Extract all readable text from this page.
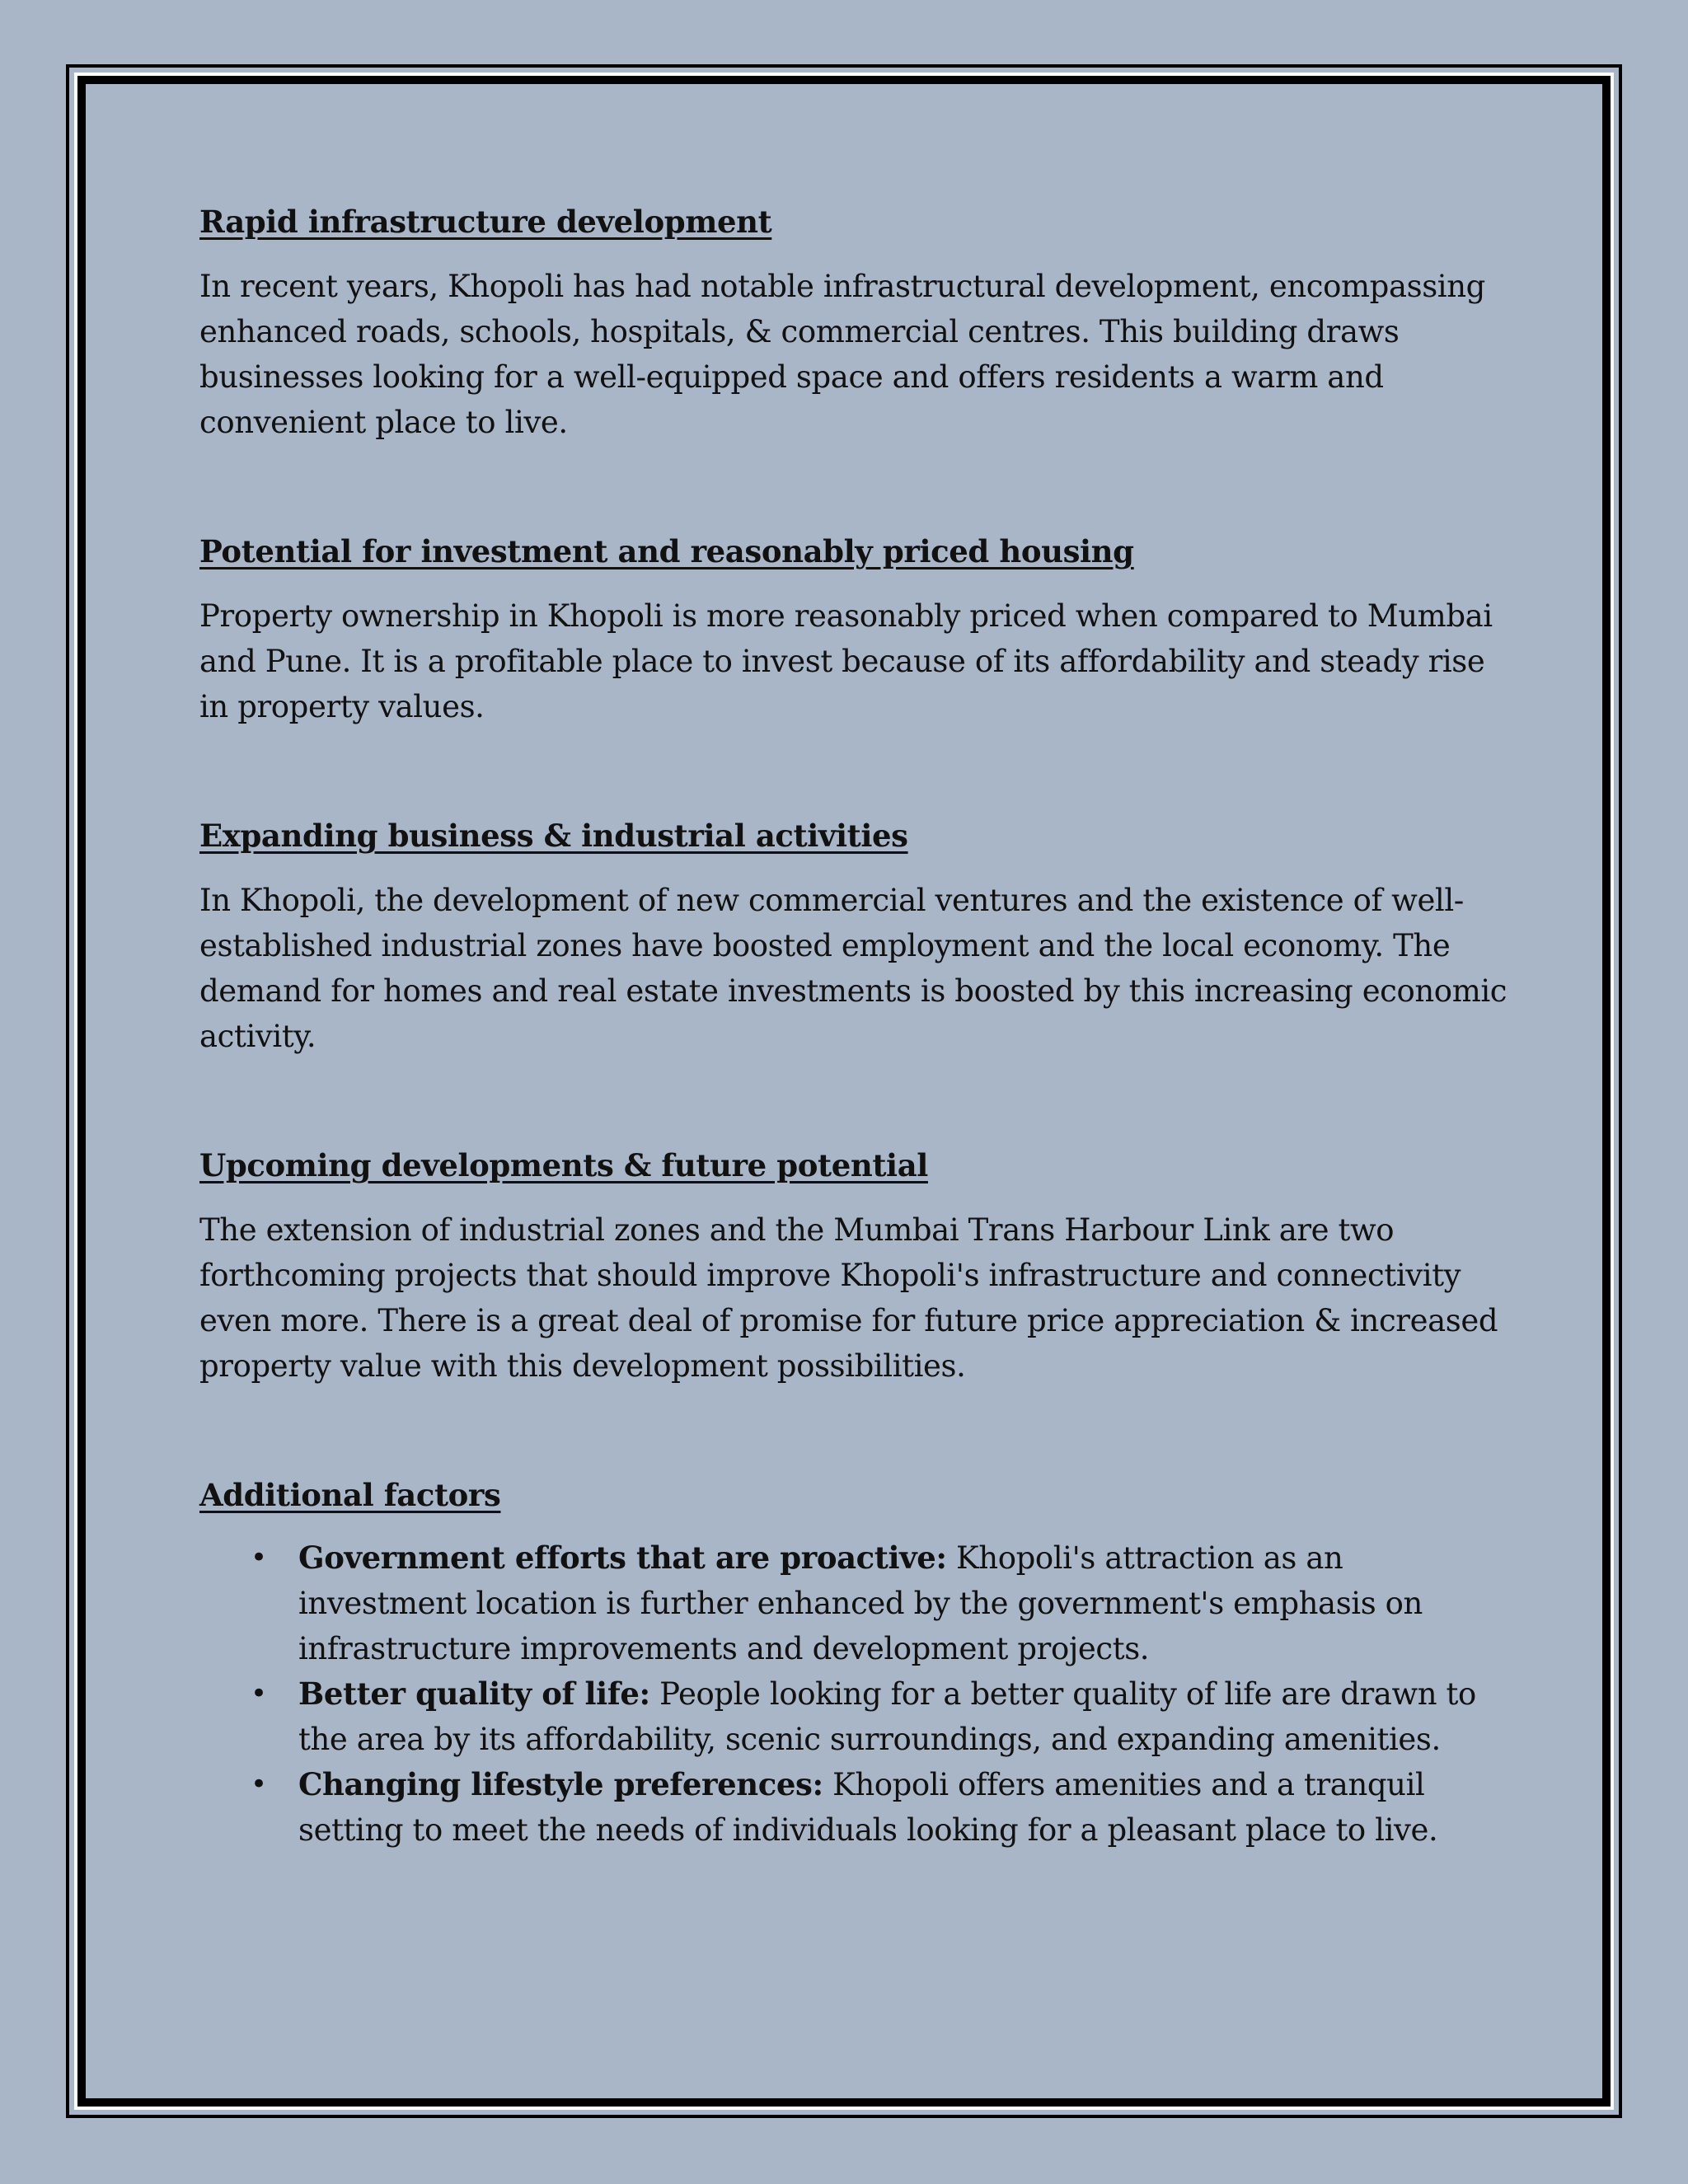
Rapid infrastructure development

In recent years, Khopoli has had notable infrastructural development, encompassing enhanced roads, schools, hospitals, & commercial centres. This building draws businesses looking for a well-equipped space and offers residents a warm and convenient place to live.

Potential for investment and reasonably priced housing

Property ownership in Khopoli is more reasonably priced when compared to Mumbai and Pune. It is a profitable place to invest because of its affordability and steady rise in property values.

Expanding business & industrial activities

In Khopoli, the development of new commercial ventures and the existence of well-established industrial zones have boosted employment and the local economy. The demand for homes and real estate investments is boosted by this increasing economic activity.

Upcoming developments & future potential

The extension of industrial zones and the Mumbai Trans Harbour Link are two forthcoming projects that should improve Khopoli's infrastructure and connectivity even more. There is a great deal of promise for future price appreciation & increased property value with this development possibilities.

Additional factors
• Government efforts that are proactive: Khopoli's attraction as an investment location is further enhanced by the government's emphasis on infrastructure improvements and development projects.
• Better quality of life: People looking for a better quality of life are drawn to the area by its affordability, scenic surroundings, and expanding amenities.
• Changing lifestyle preferences: Khopoli offers amenities and a tranquil setting to meet the needs of individuals looking for a pleasant place to live.
